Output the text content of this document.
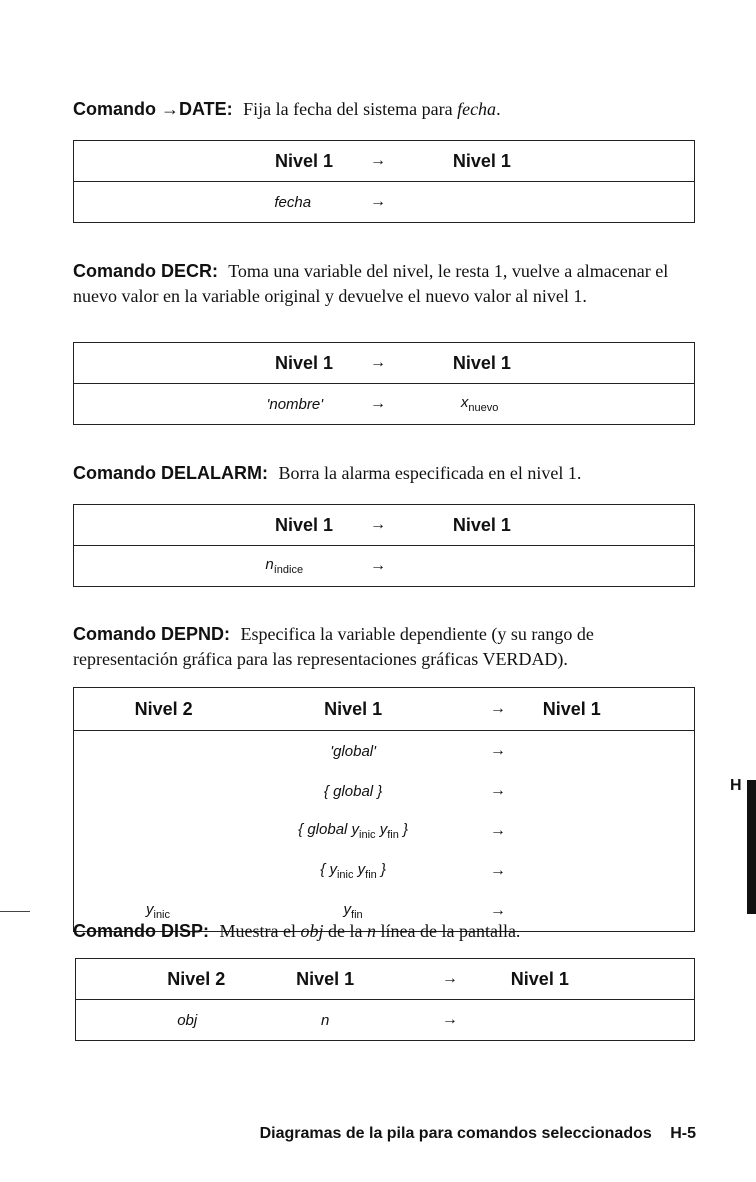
Comando →DATE: Fija la fecha del sistema para fecha.
Nivel 1	→	Nivel 1
fecha	→	
Comando DECR: Toma una variable del nivel, le resta 1, vuelve a almacenar el nuevo valor en la variable original y devuelve el nuevo valor al nivel 1.
Nivel 1	→	Nivel 1
'nombre'	→	$x_{nuevo}$
Comando DELALARM: Borra la alarma especificada en el nivel 1.
Nivel 1	→	Nivel 1
$n_{índice}$	→	
Comando DEPND: Especifica la variable dependiente (y su rango de representación gráfica para las representaciones gráficas VERDAD).
Nivel 2	Nivel 1	→	Nivel 1
	'global'	→	
	{ global }	→	
	{ global $y_{inic}$ $y_{fin}$ }	→	
	{ $y_{inic}$ $y_{fin}$ }	→	
$y_{inic}$	$y_{fin}$	→	
Comando DISP: Muestra el obj de la n línea de la pantalla.
Nivel 2	Nivel 1	→	Nivel 1
obj	n	→	
H
Diagramas de la pila para comandos seleccionados H-5
